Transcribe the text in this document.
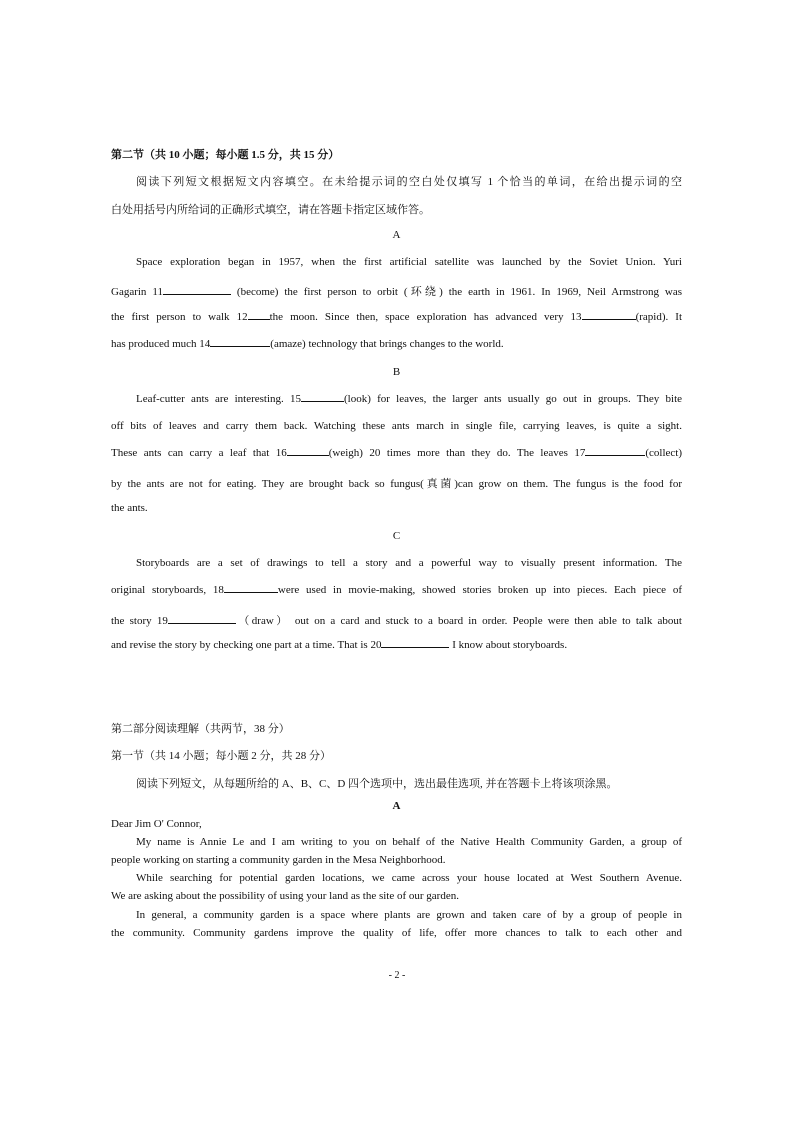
第二节（共 10 小题；每小题 1.5 分，共 15 分）
阅读下列短文根据短文内容填空。在未给提示词的空白处仅填写 1 个恰当的单词，在给出提示词的空
白处用括号内所给词的正确形式填空，请在答题卡指定区域作答。
A
Space exploration began in 1957, when the first artificial satellite was launched by the Soviet Union. Yuri
Gagarin 11	(become) the first person to orbit (环绕) the earth in 1961. In 1969, Neil Armstrong was
the first person to walk 12 the moon. Since then, space exploration has advanced very 13	(rapid). It
has produced much 14	(amaze) technology that brings changes to the world.
B
Leaf-cutter ants are interesting. 15	(look) for leaves, the larger ants usually go out in groups. They bite
off bits of leaves and carry them back. Watching these ants march in single file, carrying leaves, is quite a sight.
These ants can carry a leaf that 16	(weigh) 20 times more than they do. The leaves 17	(collect)
by the ants are not for eating. They are brought back so fungus(真菌)can grow on them. The fungus is the food for
the ants.
C
Storyboards are a set of drawings to tell a story and a powerful way to visually present information. The
original storyboards, 18	were used in movie-making, showed stories broken up into pieces. Each piece of
the story 19	（draw） out on a card and stuck to a board in order. People were then able to talk about
and revise the story by checking one part at a time. That is 20	I know about storyboards.
第二部分阅读理解（共两节，38 分）
第一节（共 14 小题；每小题 2 分，共 28 分）
阅读下列短文，从每题所给的 A、B、C、D 四个选项中，选出最佳选项, 并在答题卡上将该项涂黑。
A
Dear Jim O' Connor,
My name is Annie Le and I am writing to you on behalf of the Native Health Community Garden, a group of
people working on starting a community garden in the Mesa Neighborhood.
While searching for potential garden locations, we came across your house located at West Southern Avenue.
We are asking about the possibility of using your land as the site of our garden.
In general, a community garden is a space where plants are grown and taken care of by a group of people in
the community. Community gardens improve the quality of life, offer more chances to talk to each other and
- 2 -
